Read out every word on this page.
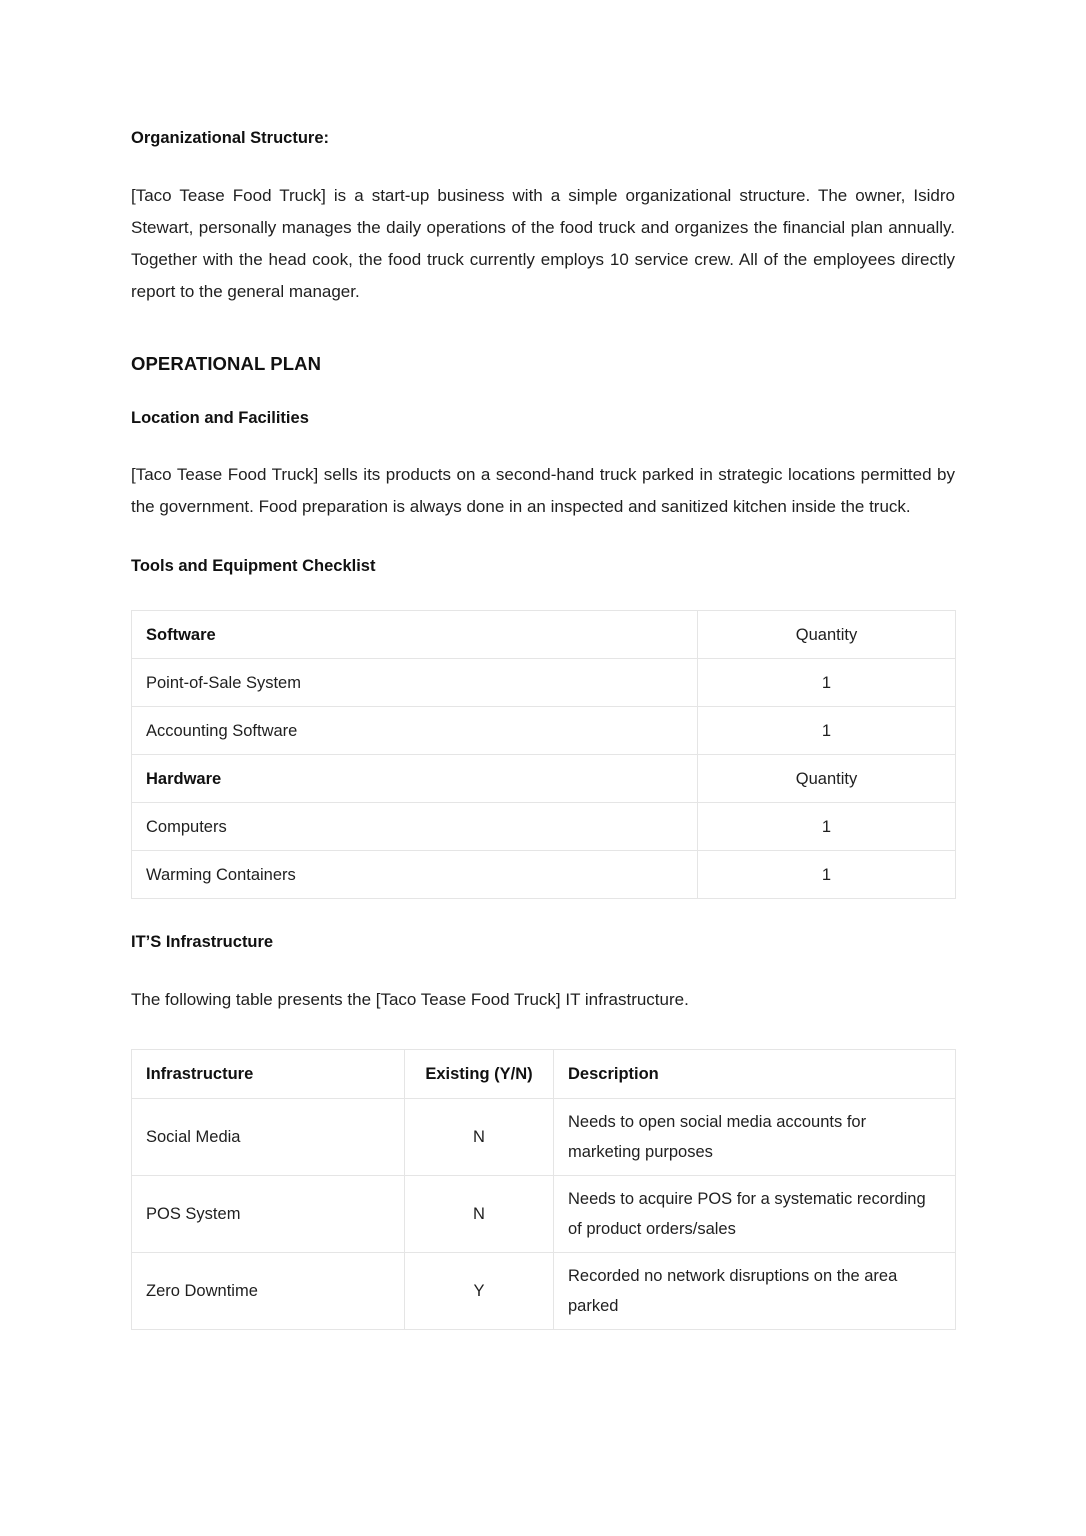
Organizational Structure:

[Taco Tease Food Truck] is a start-up business with a simple organizational structure. The owner, Isidro Stewart, personally manages the daily operations of the food truck and organizes the financial plan annually. Together with the head cook, the food truck currently employs 10 service crew. All of the employees directly report to the general manager.

OPERATIONAL PLAN
Location and Facilities

[Taco Tease Food Truck] sells its products on a second-hand truck parked in strategic locations permitted by the government. Food preparation is always done in an inspected and sanitized kitchen inside the truck.

Tools and Equipment Checklist
Software	Quantity
Point-of-Sale System	1
Accounting Software	1
Hardware	Quantity
Computers	1
Warming Containers	1
IT’S Infrastructure

The following table presents the [Taco Tease Food Truck] IT infrastructure.

Infrastructure	Existing (Y/N)	Description
Social Media	N	Needs to open social media accounts for marketing purposes
POS System	N	Needs to acquire POS for a systematic recording of product orders/sales
Zero Downtime	Y	Recorded no network disruptions on the area parked
